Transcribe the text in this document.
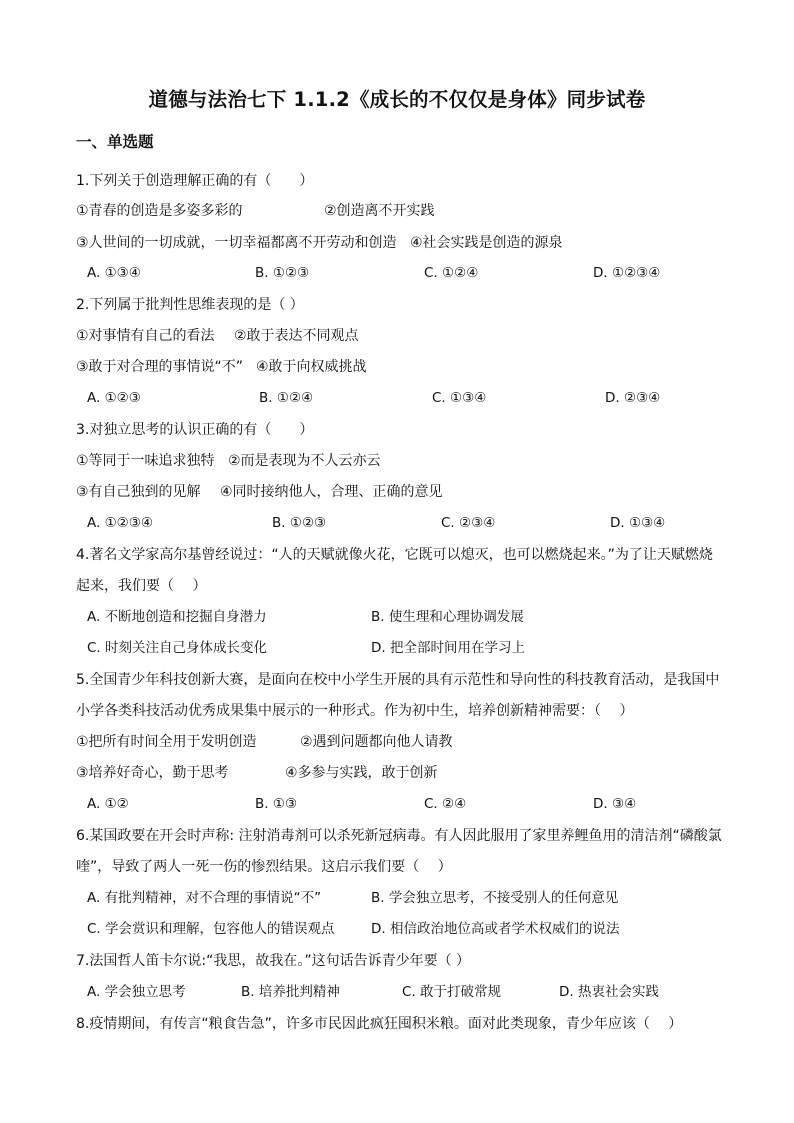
道德与法治七下 1.1.2《成长的不仅仅是身体》同步试卷
一、单选题
1.下列关于创造理解正确的有（　　）
①青春的创造是多姿多彩的	②创造离不开实践
③人世间的一切成就，一切幸福都离不开劳动和创造 ④社会实践是创造的源泉
A. ①③④	B. ①②③	C. ①②④	D. ①②③④
2.下列属于批判性思维表现的是（ ）
①对事情有自己的看法 ②敢于表达不同观点
③敢于对合理的事情说“不” ④敢于向权威挑战
A. ①②③	B. ①②④	C. ①③④	D. ②③④
3.对独立思考的认识正确的有（　　）
①等同于一味追求独特 ②而是表现为不人云亦云
③有自己独到的见解 ④同时接纳他人，合理、正确的意见
A. ①②③④	B. ①②③	C. ②③④	D. ①③④
4.著名文学家高尔基曾经说过：“人的天赋就像火花，它既可以熄灭，也可以燃烧起来。”为了让天赋燃烧
起来，我们要（　 ）
A. 不断地创造和挖掘自身潜力	B. 使生理和心理协调发展
C. 时刻关注自己身体成长变化	D. 把全部时间用在学习上
5.全国青少年科技创新大赛，是面向在校中小学生开展的具有示范性和导向性的科技教育活动，是我国中
小学各类科技活动优秀成果集中展示的一种形式。作为初中生，培养创新精神需要：（　 ）
①把所有时间全用于发明创造	②遇到问题都向他人请教
③培养好奇心，勤于思考	④多参与实践，敢于创新
A. ①②	B. ①③	C. ②④	D. ③④
6.某国政要在开会时声称: 注射消毒剂可以杀死新冠病毒。有人因此服用了家里养鲤鱼用的清洁剂“磷酸氯
喹”，导致了两人一死一伤的惨烈结果。这启示我们要（　 ）
A. 有批判精神，对不合理的事情说“不”	B. 学会独立思考，不接受别人的任何意见
C. 学会赏识和理解，包容他人的错误观点	D. 相信政治地位高或者学术权威们的说法
7.法国哲人笛卡尔说:“我思，故我在。”这句话告诉青少年要（ ）
A. 学会独立思考	B. 培养批判精神	C. 敢于打破常规	D. 热衷社会实践
8.疫情期间，有传言“粮食告急”，许多市民因此疯狂囤积米粮。面对此类现象，青少年应该（　 ）
